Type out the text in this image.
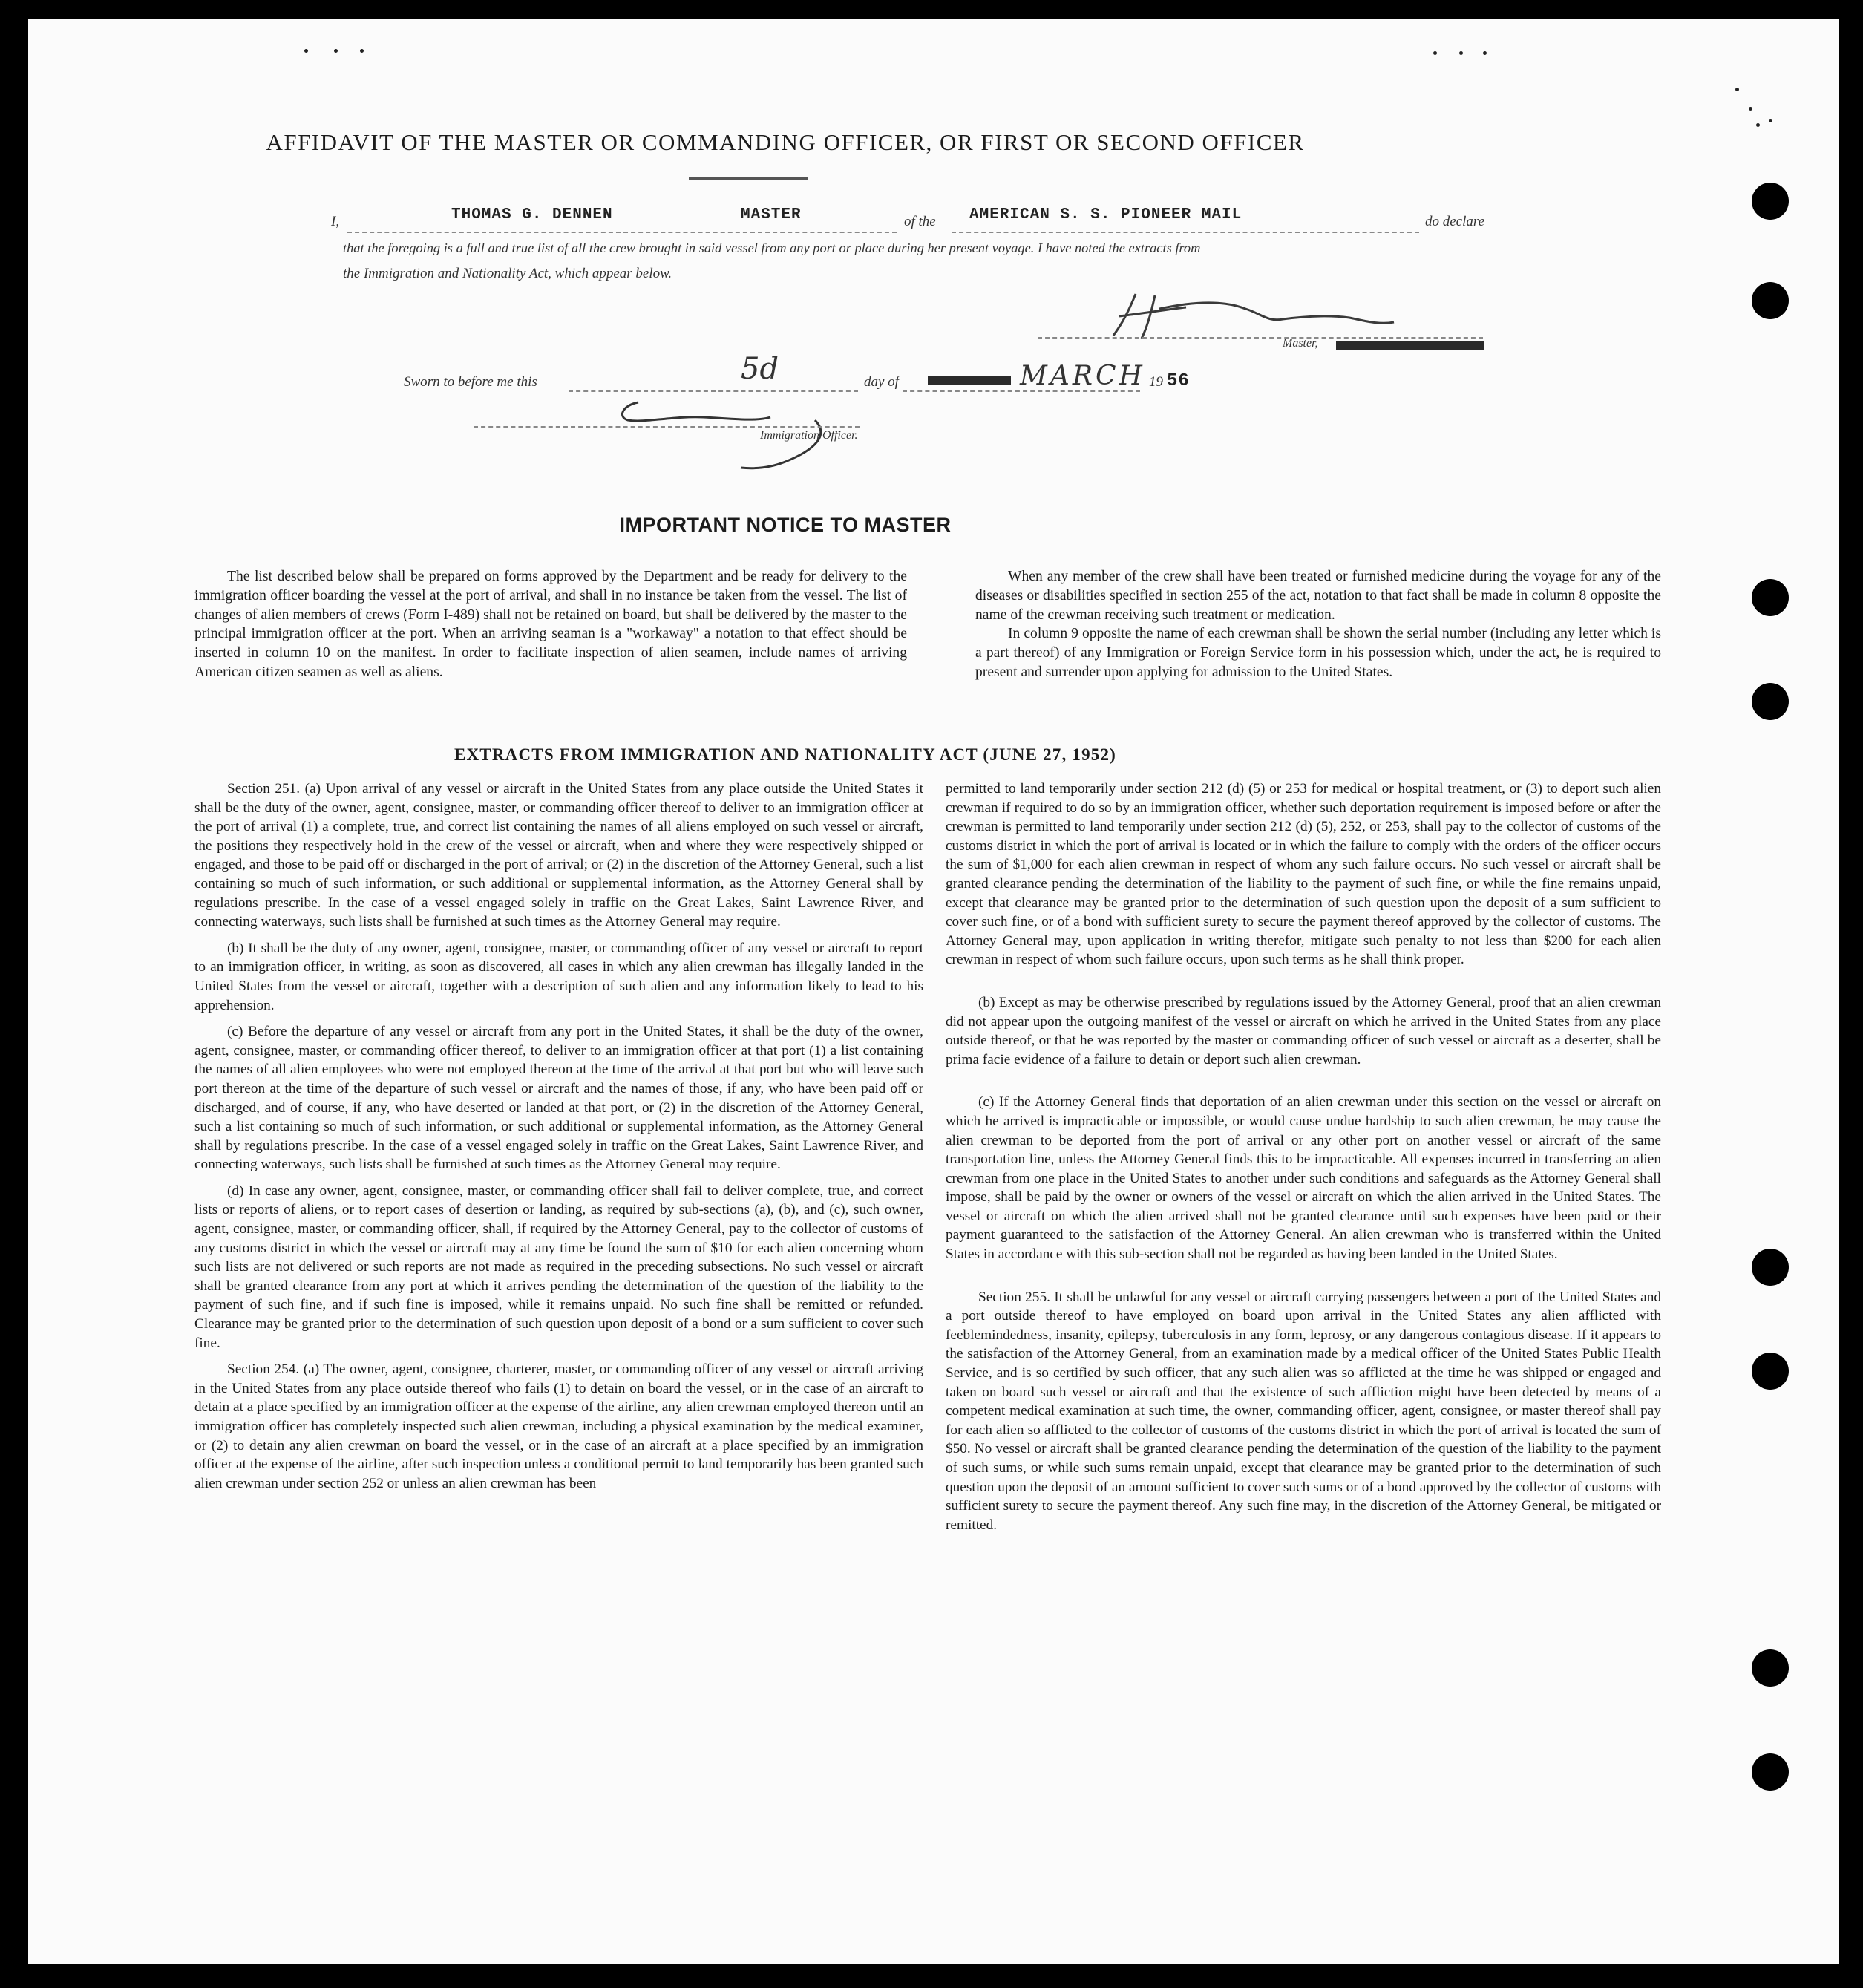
AFFIDAVIT OF THE MASTER OR COMMANDING OFFICER, OR FIRST OR SECOND OFFICER
I,	THOMAS G. DENNEN	MASTER	of the AMERICAN S. S. PIONEER MAIL	do declare
that the foregoing is a full and true list of all the crew brought in said vessel from any port or place during her present voyage. I have noted the extracts from
the Immigration and Nationality Act, which appear below.
Master,
Sworn to before me this	5d	day of	MARCH 19 56
Immigration Officer.
IMPORTANT NOTICE TO MASTER

The list described below shall be prepared on forms approved by the Department and be ready for delivery to the immigration officer boarding the vessel at the port of arrival, and shall in no instance be taken from the vessel. The list of changes of alien members of crews (Form I-489) shall not be retained on board, but shall be delivered by the master to the principal immigration officer at the port. When an arriving seaman is a "workaway" a notation to that effect should be inserted in column 10 on the manifest. In order to facilitate inspection of alien seamen, include names of arriving American citizen seamen as well as aliens.

When any member of the crew shall have been treated or furnished medicine during the voyage for any of the diseases or disabilities specified in section 255 of the act, notation to that fact shall be made in column 8 opposite the name of the crewman receiving such treatment or medication.

In column 9 opposite the name of each crewman shall be shown the serial number (including any letter which is a part thereof) of any Immigration or Foreign Service form in his possession which, under the act, he is required to present and surrender upon applying for admission to the United States.

EXTRACTS FROM IMMIGRATION AND NATIONALITY ACT (JUNE 27, 1952)

Section 251. (a) Upon arrival of any vessel or aircraft in the United States from any place outside the United States it shall be the duty of the owner, agent, consignee, master, or commanding officer thereof to deliver to an immigration officer at the port of arrival (1) a complete, true, and correct list containing the names of all aliens employed on such vessel or aircraft, the positions they respectively hold in the crew of the vessel or aircraft, when and where they were respectively shipped or engaged, and those to be paid off or discharged in the port of arrival; or (2) in the discretion of the Attorney General, such a list containing so much of such information, or such additional or supplemental information, as the Attorney General shall by regulations prescribe. In the case of a vessel engaged solely in traffic on the Great Lakes, Saint Lawrence River, and connecting waterways, such lists shall be furnished at such times as the Attorney General may require.

(b) It shall be the duty of any owner, agent, consignee, master, or commanding officer of any vessel or aircraft to report to an immigration officer, in writing, as soon as discovered, all cases in which any alien crewman has illegally landed in the United States from the vessel or aircraft, together with a description of such alien and any information likely to lead to his apprehension.

(c) Before the departure of any vessel or aircraft from any port in the United States, it shall be the duty of the owner, agent, consignee, master, or commanding officer thereof, to deliver to an immigration officer at that port (1) a list containing the names of all alien employees who were not employed thereon at the time of the arrival at that port but who will leave such port thereon at the time of the departure of such vessel or aircraft and the names of those, if any, who have been paid off or discharged, and of course, if any, who have deserted or landed at that port, or (2) in the discretion of the Attorney General, such a list containing so much of such information, or such additional or supplemental information, as the Attorney General shall by regulations prescribe. In the case of a vessel engaged solely in traffic on the Great Lakes, Saint Lawrence River, and connecting waterways, such lists shall be furnished at such times as the Attorney General may require.

(d) In case any owner, agent, consignee, master, or commanding officer shall fail to deliver complete, true, and correct lists or reports of aliens, or to report cases of desertion or landing, as required by sub-sections (a), (b), and (c), such owner, agent, consignee, master, or commanding officer, shall, if required by the Attorney General, pay to the collector of customs of any customs district in which the vessel or aircraft may at any time be found the sum of $10 for each alien concerning whom such lists are not delivered or such reports are not made as required in the preceding subsections. No such vessel or aircraft shall be granted clearance from any port at which it arrives pending the determination of the question of the liability to the payment of such fine, and if such fine is imposed, while it remains unpaid. No such fine shall be remitted or refunded. Clearance may be granted prior to the determination of such question upon deposit of a bond or a sum sufficient to cover such fine.

Section 254. (a) The owner, agent, consignee, charterer, master, or commanding officer of any vessel or aircraft arriving in the United States from any place outside thereof who fails (1) to detain on board the vessel, or in the case of an aircraft to detain at a place specified by an immigration officer at the expense of the airline, any alien crewman employed thereon until an immigration officer has completely inspected such alien crewman, including a physical examination by the medical examiner, or (2) to detain any alien crewman on board the vessel, or in the case of an aircraft at a place specified by an immigration officer at the expense of the airline, after such inspection unless a conditional permit to land temporarily has been granted such alien crewman under section 252 or unless an alien crewman has been

permitted to land temporarily under section 212 (d) (5) or 253 for medical or hospital treatment, or (3) to deport such alien crewman if required to do so by an immigration officer, whether such deportation requirement is imposed before or after the crewman is permitted to land temporarily under section 212 (d) (5), 252, or 253, shall pay to the collector of customs of the customs district in which the port of arrival is located or in which the failure to comply with the orders of the officer occurs the sum of $1,000 for each alien crewman in respect of whom any such failure occurs. No such vessel or aircraft shall be granted clearance pending the determination of the liability to the payment of such fine, or while the fine remains unpaid, except that clearance may be granted prior to the determination of such question upon the deposit of a sum sufficient to cover such fine, or of a bond with sufficient surety to secure the payment thereof approved by the collector of customs. The Attorney General may, upon application in writing therefor, mitigate such penalty to not less than $200 for each alien crewman in respect of whom such failure occurs, upon such terms as he shall think proper.

(b) Except as may be otherwise prescribed by regulations issued by the Attorney General, proof that an alien crewman did not appear upon the outgoing manifest of the vessel or aircraft on which he arrived in the United States from any place outside thereof, or that he was reported by the master or commanding officer of such vessel or aircraft as a deserter, shall be prima facie evidence of a failure to detain or deport such alien crewman.

(c) If the Attorney General finds that deportation of an alien crewman under this section on the vessel or aircraft on which he arrived is impracticable or impossible, or would cause undue hardship to such alien crewman, he may cause the alien crewman to be deported from the port of arrival or any other port on another vessel or aircraft of the same transportation line, unless the Attorney General finds this to be impracticable. All expenses incurred in transferring an alien crewman from one place in the United States to another under such conditions and safeguards as the Attorney General shall impose, shall be paid by the owner or owners of the vessel or aircraft on which the alien arrived in the United States. The vessel or aircraft on which the alien arrived shall not be granted clearance until such expenses have been paid or their payment guaranteed to the satisfaction of the Attorney General. An alien crewman who is transferred within the United States in accordance with this sub-section shall not be regarded as having been landed in the United States.

Section 255. It shall be unlawful for any vessel or aircraft carrying passengers between a port of the United States and a port outside thereof to have employed on board upon arrival in the United States any alien afflicted with feeblemindedness, insanity, epilepsy, tuberculosis in any form, leprosy, or any dangerous contagious disease. If it appears to the satisfaction of the Attorney General, from an examination made by a medical officer of the United States Public Health Service, and is so certified by such officer, that any such alien was so afflicted at the time he was shipped or engaged and taken on board such vessel or aircraft and that the existence of such affliction might have been detected by means of a competent medical examination at such time, the owner, commanding officer, agent, consignee, or master thereof shall pay for each alien so afflicted to the collector of customs of the customs district in which the port of arrival is located the sum of $50. No vessel or aircraft shall be granted clearance pending the determination of the question of the liability to the payment of such sums, or while such sums remain unpaid, except that clearance may be granted prior to the determination of such question upon the deposit of an amount sufficient to cover such sums or of a bond approved by the collector of customs with sufficient surety to secure the payment thereof. Any such fine may, in the discretion of the Attorney General, be mitigated or remitted.
